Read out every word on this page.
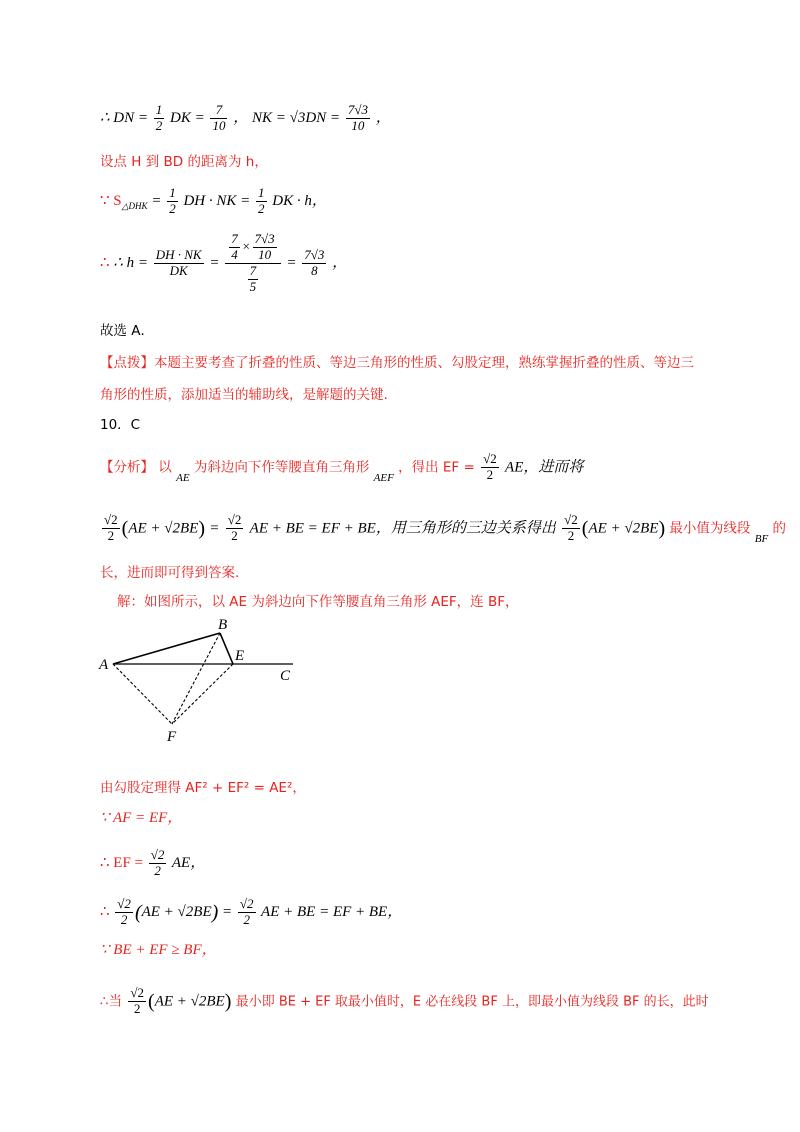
∴ DN = $\frac{1}{2}$ DK = $\frac{7}{10}$ ， NK = $√3DN = \frac{7√3}{10}$ ，
设点 H 到 BD 的距离为 h，
∵ $S_{\triangle DHK} = \frac{1}{2}$ DH · NK = $\frac{1}{2}$ DK · h，
∴ ∴ $h = \frac{DH \cdot NK}{DK} = \frac{\frac{7}{4} \times \frac{7√3}{10}}{\frac{7}{5}} = \frac{7√3}{8}$ ，
故选 A．
【点拨】本题主要考查了折叠的性质、等边三角形的性质、勾股定理，熟练掌握折叠的性质、等边三
角形的性质，添加适当的辅助线，是解题的关键.
10．C
【分析】 以 $_{AE}$ 为斜边向下作等腰直角三角形 $_{AEF}$ ，得出 EF = $\frac{√2}{2}$ AE，进而将
$\frac{√2}{2} (AE + √2BE) = \frac{√2}{2}$ AE + BE = EF + BE，用三角形的三边关系得出 $\frac{√2}{2} (AE + √2BE)$ 最小值为线段 $_{BF}$ 的
长，进而即可得到答案.
解：如图所示，以 AE 为斜边向下作等腰直角三角形 AEF，连 BF，
A
B
E
C
F
由勾股定理得 AF² + EF² = AE²，
∵ AF = EF，
∴ EF = $\frac{√2}{2}$ AE，
∴ $\frac{√2}{2} (AE + √2BE) = \frac{√2}{2}$ AE + BE = EF + BE，
∵ BE + EF ≥ BF，
∴当 $\frac{√2}{2} (AE + √2BE)$ 最小即 BE + EF 取最小值时，E 必在线段 BF 上，即最小值为线段 BF 的长，此时
